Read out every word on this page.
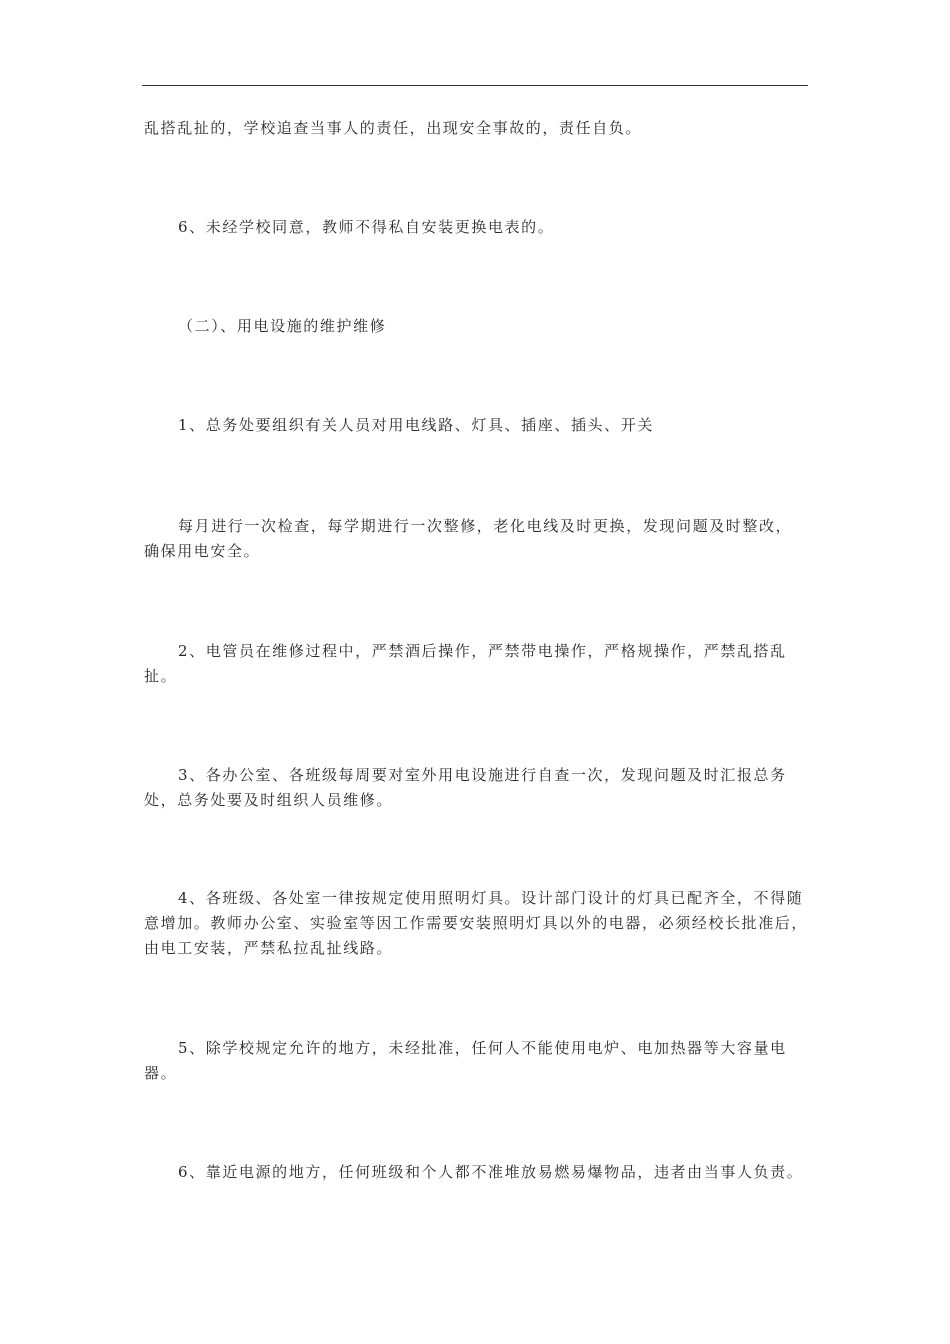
乱搭乱扯的，学校追查当事人的责任，出现安全事故的，责任自负。

6、未经学校同意，教师不得私自安装更换电表的。

（二）、用电设施的维护维修

1、总务处要组织有关人员对用电线路、灯具、插座、插头、开关

每月进行一次检查，每学期进行一次整修，老化电线及时更换，发现问题及时整改，确保用电安全。

2、电管员在维修过程中，严禁酒后操作，严禁带电操作，严格规操作，严禁乱搭乱扯。

3、各办公室、各班级每周要对室外用电设施进行自查一次，发现问题及时汇报总务处，总务处要及时组织人员维修。

4、各班级、各处室一律按规定使用照明灯具。设计部门设计的灯具已配齐全，不得随意增加。教师办公室、实验室等因工作需要安装照明灯具以外的电器，必须经校长批准后，由电工安装，严禁私拉乱扯线路。

5、除学校规定允许的地方，未经批准，任何人不能使用电炉、电加热器等大容量电器。

6、靠近电源的地方，任何班级和个人都不准堆放易燃易爆物品，违者由当事人负责。
